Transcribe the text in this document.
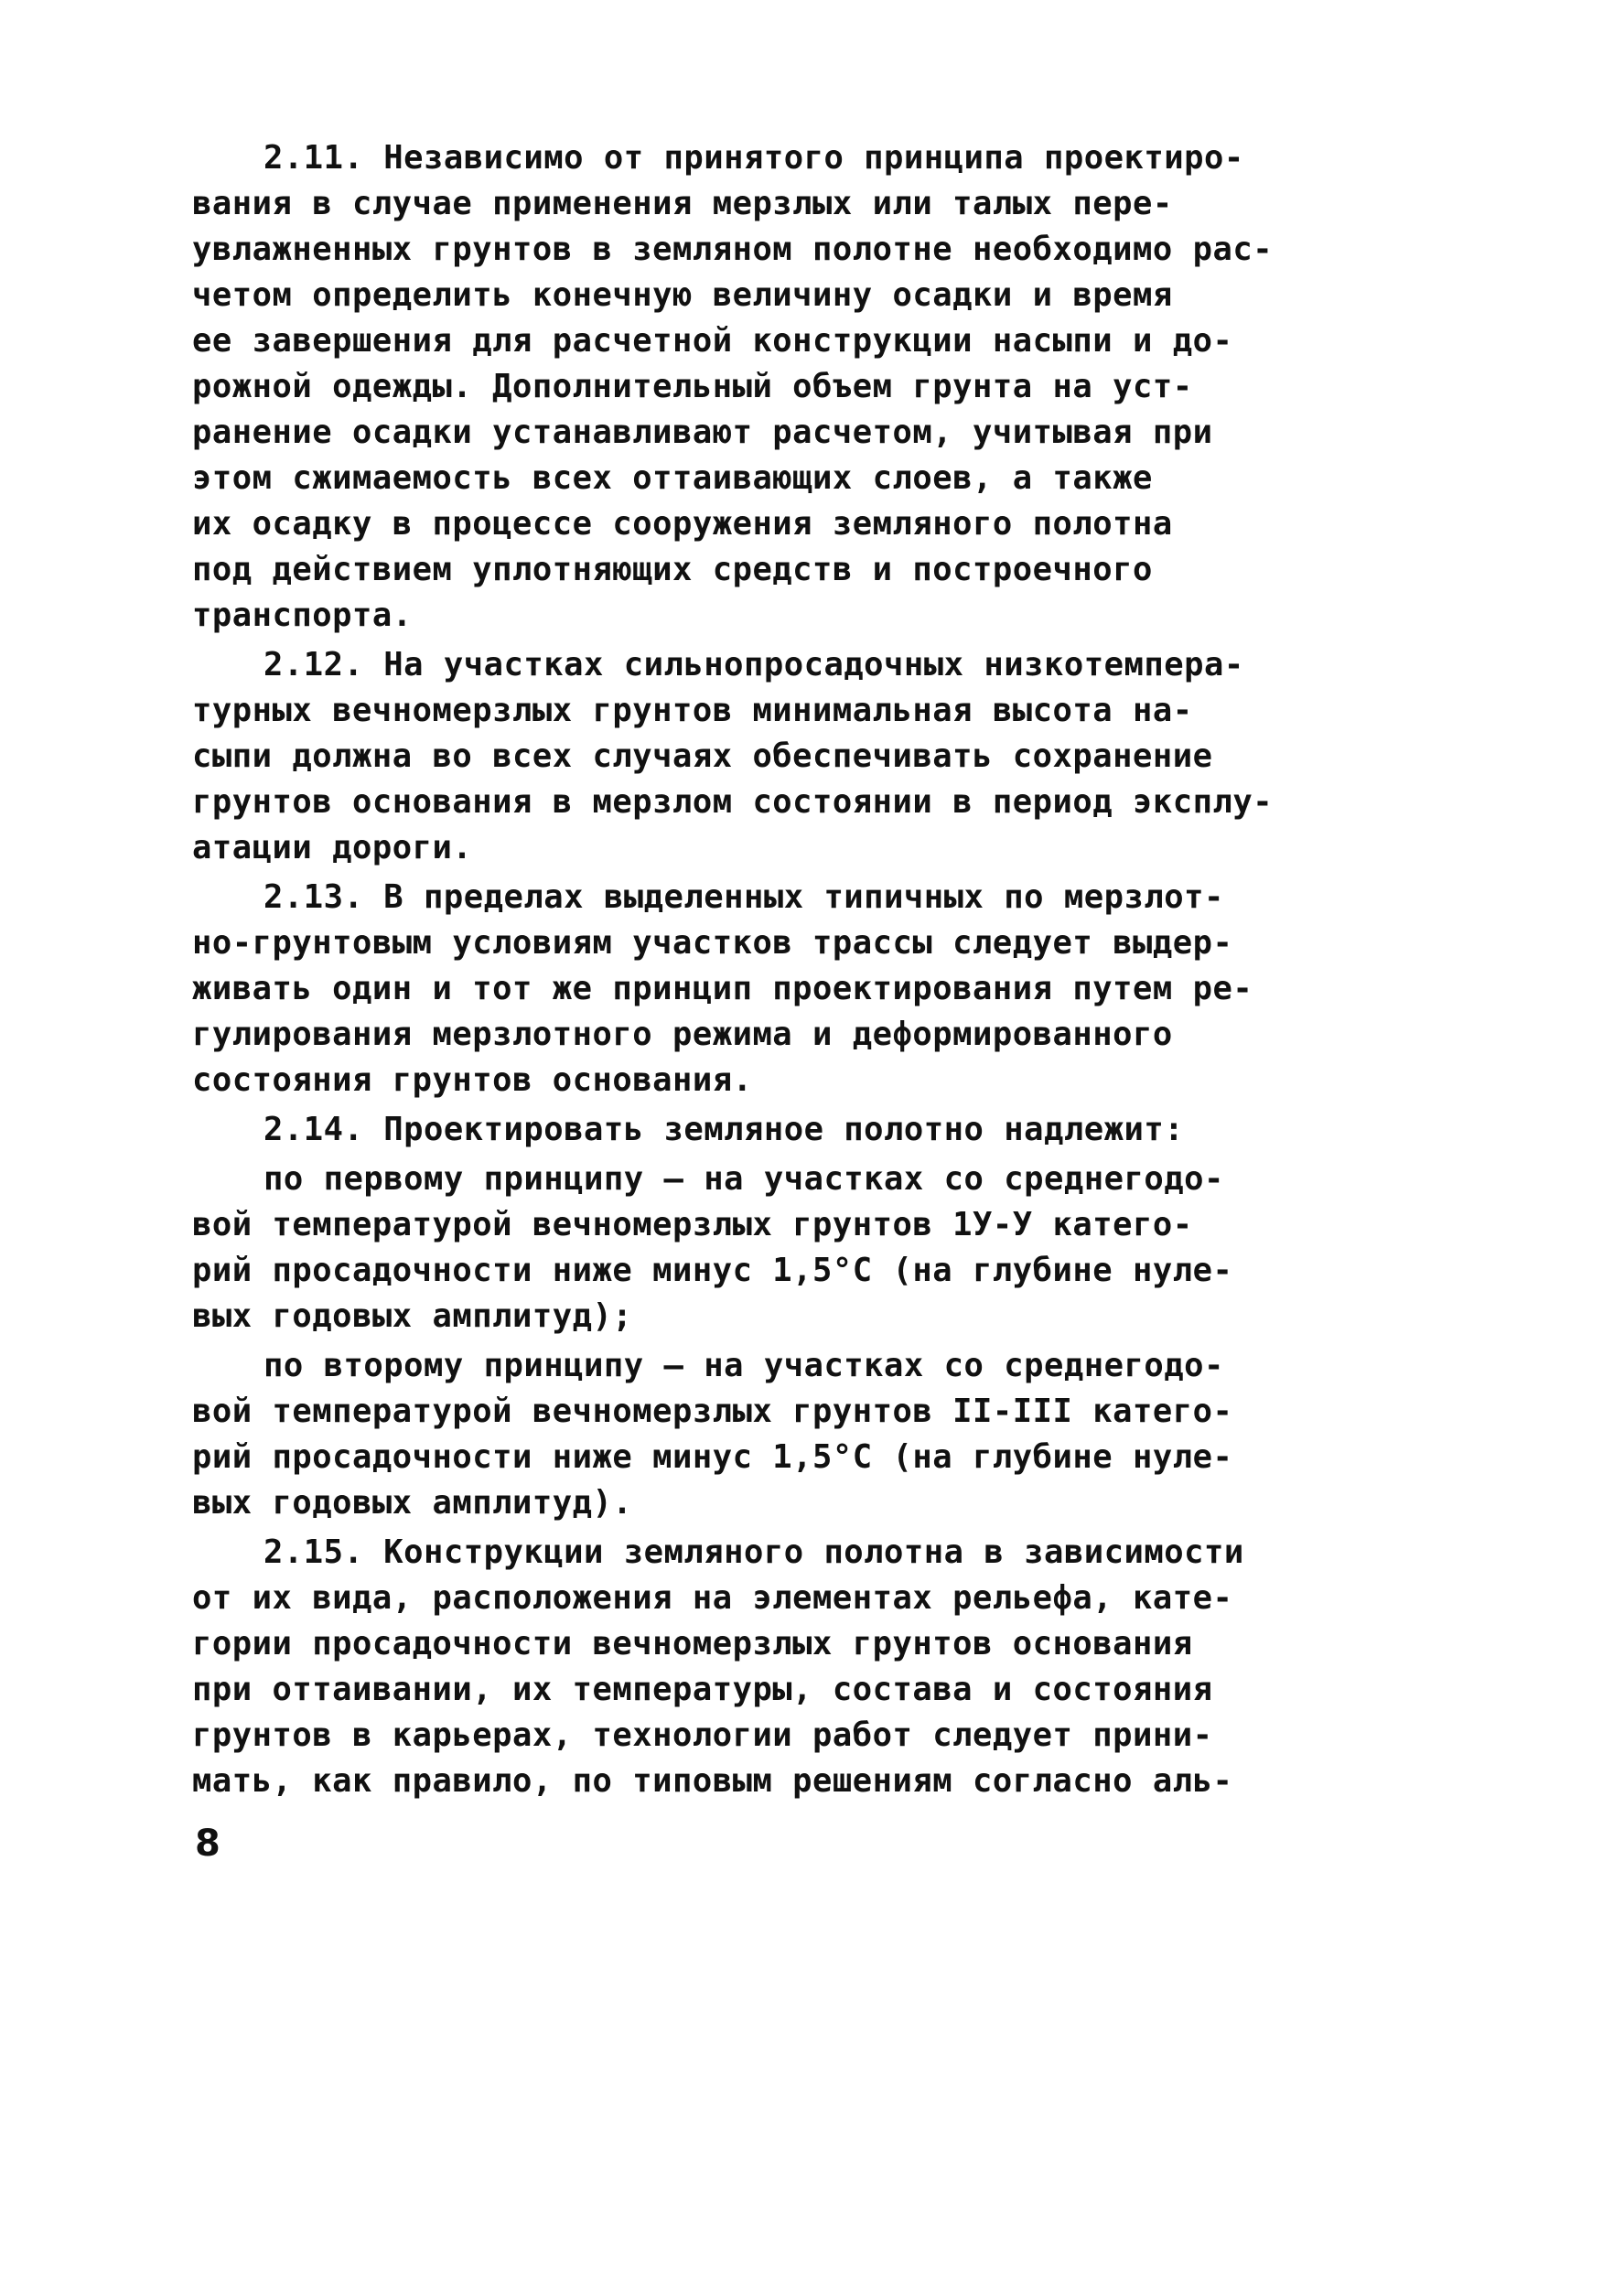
2.11. Независимо от принятого принципа проектиро-
вания в случае применения мерзлых или талых пере-
увлажненных грунтов в земляном полотне необходимо рас-
четом определить конечную величину осадки и время
ее завершения для расчетной конструкции насыпи и до-
рожной одежды. Дополнительный объем грунта на уст-
ранение осадки устанавливают расчетом, учитывая при
этом сжимаемость всех оттаивающих слоев, а также
их осадку в процессе сооружения земляного полотна
под действием уплотняющих средств и построечного
транспорта.
2.12. На участках сильнопросадочных низкотемпера-
турных вечномерзлых грунтов минимальная высота на-
сыпи должна во всех случаях обеспечивать сохранение
грунтов основания в мерзлом состоянии в период эксплу-
атации дороги.
2.13. В пределах выделенных типичных по мерзлот-
но-грунтовым условиям участков трассы следует выдер-
живать один и тот же принцип проектирования путем ре-
гулирования мерзлотного режима и деформированного
состояния грунтов основания.
2.14. Проектировать земляное полотно надлежит:
по первому принципу – на участках со среднегодо-
вой температурой вечномерзлых грунтов 1У-У катего-
рий просадочности ниже минус 1,5°С (на глубине нуле-
вых годовых амплитуд);
по второму принципу – на участках со среднегодо-
вой температурой вечномерзлых грунтов II-III катего-
рий просадочности ниже минус 1,5°С (на глубине нуле-
вых годовых амплитуд).
2.15. Конструкции земляного полотна в зависимости
от их вида, расположения на элементах рельефа, кате-
гории просадочности вечномерзлых грунтов основания
при оттаивании, их температуры, состава и состояния
грунтов в карьерах, технологии работ следует прини-
мать, как правило, по типовым решениям согласно аль-
8
